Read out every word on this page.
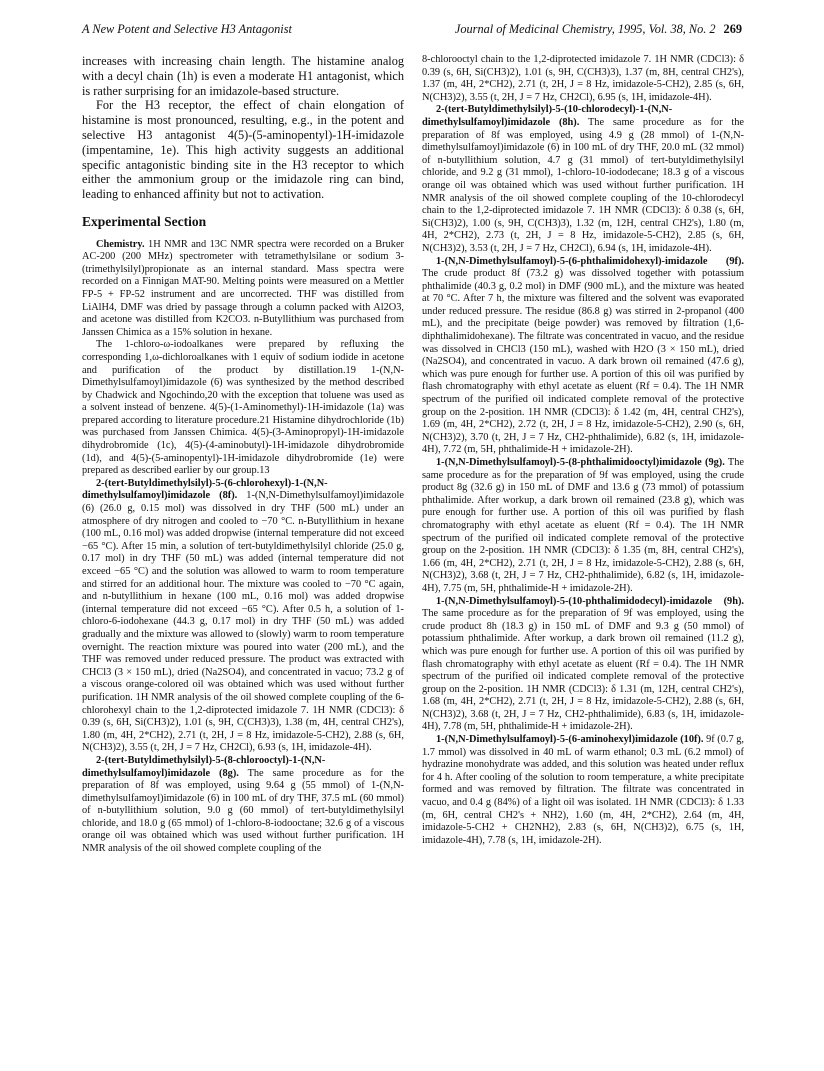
A New Potent and Selective H3 Antagonist	Journal of Medicinal Chemistry, 1995, Vol. 38, No. 2 269

increases with increasing chain length. The histamine analog with a decyl chain (1h) is even a moderate H1 antagonist, which is rather surprising for an imidazole-based structure.

For the H3 receptor, the effect of chain elongation of histamine is most pronounced, resulting, e.g., in the potent and selective H3 antagonist 4(5)-(5-aminopentyl)-1H-imidazole (impentamine, 1e). This high activity suggests an additional specific antagonistic binding site in the H3 receptor to which either the ammonium group or the imidazole ring can bind, leading to enhanced affinity but not to activation.

Experimental Section

Chemistry. 1H NMR and 13C NMR spectra were recorded on a Bruker AC-200 (200 MHz) spectrometer with tetramethylsilane or sodium 3-(trimethylsilyl)propionate as an internal standard. Mass spectra were recorded on a Finnigan MAT-90. Melting points were measured on a Mettler FP-5 + FP-52 instrument and are uncorrected. THF was distilled from LiAlH4, DMF was dried by passage through a column packed with Al2O3, and acetone was distilled from K2CO3. n-Butyllithium was purchased from Janssen Chimica as a 15% solution in hexane.

The 1-chloro-ω-iodoalkanes were prepared by refluxing the corresponding 1,ω-dichloroalkanes with 1 equiv of sodium iodide in acetone and purification of the product by distillation.19 1-(N,N-Dimethylsulfamoyl)imidazole (6) was synthesized by the method described by Chadwick and Ngochindo,20 with the exception that toluene was used as a solvent instead of benzene. 4(5)-(1-Aminomethyl)-1H-imidazole (1a) was prepared according to literature procedure.21 Histamine dihydrochloride (1b) was purchased from Janssen Chimica. 4(5)-(3-Aminopropyl)-1H-imidazole dihydrobromide (1c), 4(5)-(4-aminobutyl)-1H-imidazole dihydrobromide (1d), and 4(5)-(5-aminopentyl)-1H-imidazole dihydrobromide (1e) were prepared as described earlier by our group.13

2-(tert-Butyldimethylsilyl)-5-(6-chlorohexyl)-1-(N,N-dimethylsulfamoyl)imidazole (8f). 1-(N,N-Dimethylsulfamoyl)imidazole (6) (26.0 g, 0.15 mol) was dissolved in dry THF (500 mL) under an atmosphere of dry nitrogen and cooled to −70 °C. n-Butyllithium in hexane (100 mL, 0.16 mol) was added dropwise (internal temperature did not exceed −65 °C). After 15 min, a solution of tert-butyldimethylsilyl chloride (25.0 g, 0.17 mol) in dry THF (50 mL) was added (internal temperature did not exceed −65 °C) and the solution was allowed to warm to room temperature and stirred for an additional hour. The mixture was cooled to −70 °C again, and n-butyllithium in hexane (100 mL, 0.16 mol) was added dropwise (internal temperature did not exceed −65 °C). After 0.5 h, a solution of 1-chloro-6-iodohexane (44.3 g, 0.17 mol) in dry THF (50 mL) was added gradually and the mixture was allowed to (slowly) warm to room temperature overnight. The reaction mixture was poured into water (200 mL), and the THF was removed under reduced pressure. The product was extracted with CHCl3 (3 × 150 mL), dried (Na2SO4), and concentrated in vacuo; 73.2 g of a viscous orange-colored oil was obtained which was used without further purification. 1H NMR analysis of the oil showed complete coupling of the 6-chlorohexyl chain to the 1,2-diprotected imidazole 7. 1H NMR (CDCl3): δ 0.39 (s, 6H, Si(CH3)2), 1.01 (s, 9H, C(CH3)3), 1.38 (m, 4H, central CH2's), 1.80 (m, 4H, 2*CH2), 2.71 (t, 2H, J = 8 Hz, imidazole-5-CH2), 2.88 (s, 6H, N(CH3)2), 3.55 (t, 2H, J = 7 Hz, CH2Cl), 6.93 (s, 1H, imidazole-4H).

2-(tert-Butyldimethylsilyl)-5-(8-chlorooctyl)-1-(N,N-dimethylsulfamoyl)imidazole (8g). The same procedure as for the preparation of 8f was employed, using 9.64 g (55 mmol) of 1-(N,N-dimethylsulfamoyl)imidazole (6) in 100 mL of dry THF, 37.5 mL (60 mmol) of n-butyllithium solution, 9.0 g (60 mmol) of tert-butyldimethylsilyl chloride, and 18.0 g (65 mmol) of 1-chloro-8-iodooctane; 32.6 g of a viscous orange oil was obtained which was used without further purification. 1H NMR analysis of the oil showed complete coupling of the

8-chlorooctyl chain to the 1,2-diprotected imidazole 7. 1H NMR (CDCl3): δ 0.39 (s, 6H, Si(CH3)2), 1.01 (s, 9H, C(CH3)3), 1.37 (m, 8H, central CH2's), 1.37 (m, 4H, 2*CH2), 2.71 (t, 2H, J = 8 Hz, imidazole-5-CH2), 2.85 (s, 6H, N(CH3)2), 3.55 (t, 2H, J = 7 Hz, CH2Cl), 6.95 (s, 1H, imidazole-4H).

2-(tert-Butyldimethylsilyl)-5-(10-chlorodecyl)-1-(N,N-dimethylsulfamoyl)imidazole (8h). The same procedure as for the preparation of 8f was employed, using 4.9 g (28 mmol) of 1-(N,N-dimethylsulfamoyl)imidazole (6) in 100 mL of dry THF, 20.0 mL (32 mmol) of n-butyllithium solution, 4.7 g (31 mmol) of tert-butyldimethylsilyl chloride, and 9.2 g (31 mmol), 1-chloro-10-iododecane; 18.3 g of a viscous orange oil was obtained which was used without further purification. 1H NMR analysis of the oil showed complete coupling of the 10-chlorodecyl chain to the 1,2-diprotected imidazole 7. 1H NMR (CDCl3): δ 0.38 (s, 6H, Si(CH3)2), 1.00 (s, 9H, C(CH3)3), 1.32 (m, 12H, central CH2's), 1.80 (m, 4H, 2*CH2), 2.73 (t, 2H, J = 8 Hz, imidazole-5-CH2), 2.85 (s, 6H, N(CH3)2), 3.53 (t, 2H, J = 7 Hz, CH2Cl), 6.94 (s, 1H, imidazole-4H).

1-(N,N-Dimethylsulfamoyl)-5-(6-phthalimidohexyl)-imidazole (9f). The crude product 8f (73.2 g) was dissolved together with potassium phthalimide (40.3 g, 0.2 mol) in DMF (900 mL), and the mixture was heated at 70 °C. After 7 h, the mixture was filtered and the solvent was evaporated under reduced pressure. The residue (86.8 g) was stirred in 2-propanol (400 mL), and the precipitate (beige powder) was removed by filtration (1,6-diphthalimidohexane). The filtrate was concentrated in vacuo, and the residue was dissolved in CHCl3 (150 mL), washed with H2O (3 × 150 mL), dried (Na2SO4), and concentrated in vacuo. A dark brown oil remained (47.6 g), which was pure enough for further use. A portion of this oil was purified by flash chromatography with ethyl acetate as eluent (Rf = 0.4). The 1H NMR spectrum of the purified oil indicated complete removal of the protective group on the 2-position. 1H NMR (CDCl3): δ 1.42 (m, 4H, central CH2's), 1.69 (m, 4H, 2*CH2), 2.72 (t, 2H, J = 8 Hz, imidazole-5-CH2), 2.90 (s, 6H, N(CH3)2), 3.70 (t, 2H, J = 7 Hz, CH2-phthalimide), 6.82 (s, 1H, imidazole-4H), 7.72 (m, 5H, phthalimide-H + imidazole-2H).

1-(N,N-Dimethylsulfamoyl)-5-(8-phthalimidooctyl)imidazole (9g). The same procedure as for the preparation of 9f was employed, using the crude product 8g (32.6 g) in 150 mL of DMF and 13.6 g (73 mmol) of potassium phthalimide. After workup, a dark brown oil remained (23.8 g), which was pure enough for further use. A portion of this oil was purified by flash chromatography with ethyl acetate as eluent (Rf = 0.4). The 1H NMR spectrum of the purified oil indicated complete removal of the protective group on the 2-position. 1H NMR (CDCl3): δ 1.35 (m, 8H, central CH2's), 1.66 (m, 4H, 2*CH2), 2.71 (t, 2H, J = 8 Hz, imidazole-5-CH2), 2.88 (s, 6H, N(CH3)2), 3.68 (t, 2H, J = 7 Hz, CH2-phthalimide), 6.82 (s, 1H, imidazole-4H), 7.75 (m, 5H, phthalimide-H + imidazole-2H).

1-(N,N-Dimethylsulfamoyl)-5-(10-phthalimidodecyl)-imidazole (9h). The same procedure as for the preparation of 9f was employed, using the crude product 8h (18.3 g) in 150 mL of DMF and 9.3 g (50 mmol) of potassium phthalimide. After workup, a dark brown oil remained (11.2 g), which was pure enough for further use. A portion of this oil was purified by flash chromatography with ethyl acetate as eluent (Rf = 0.4). The 1H NMR spectrum of the purified oil indicated complete removal of the protective group on the 2-position. 1H NMR (CDCl3): δ 1.31 (m, 12H, central CH2's), 1.68 (m, 4H, 2*CH2), 2.71 (t, 2H, J = 8 Hz, imidazole-5-CH2), 2.88 (s, 6H, N(CH3)2), 3.68 (t, 2H, J = 7 Hz, CH2-phthalimide), 6.83 (s, 1H, imidazole-4H), 7.78 (m, 5H, phthalimide-H + imidazole-2H).

1-(N,N-Dimethylsulfamoyl)-5-(6-aminohexyl)imidazole (10f). 9f (0.7 g, 1.7 mmol) was dissolved in 40 mL of warm ethanol; 0.3 mL (6.2 mmol) of hydrazine monohydrate was added, and this solution was heated under reflux for 4 h. After cooling of the solution to room temperature, a white precipitate formed and was removed by filtration. The filtrate was concentrated in vacuo, and 0.4 g (84%) of a light oil was isolated. 1H NMR (CDCl3): δ 1.33 (m, 6H, central CH2's + NH2), 1.60 (m, 4H, 2*CH2), 2.64 (m, 4H, imidazole-5-CH2 + CH2NH2), 2.83 (s, 6H, N(CH3)2), 6.75 (s, 1H, imidazole-4H), 7.78 (s, 1H, imidazole-2H).
